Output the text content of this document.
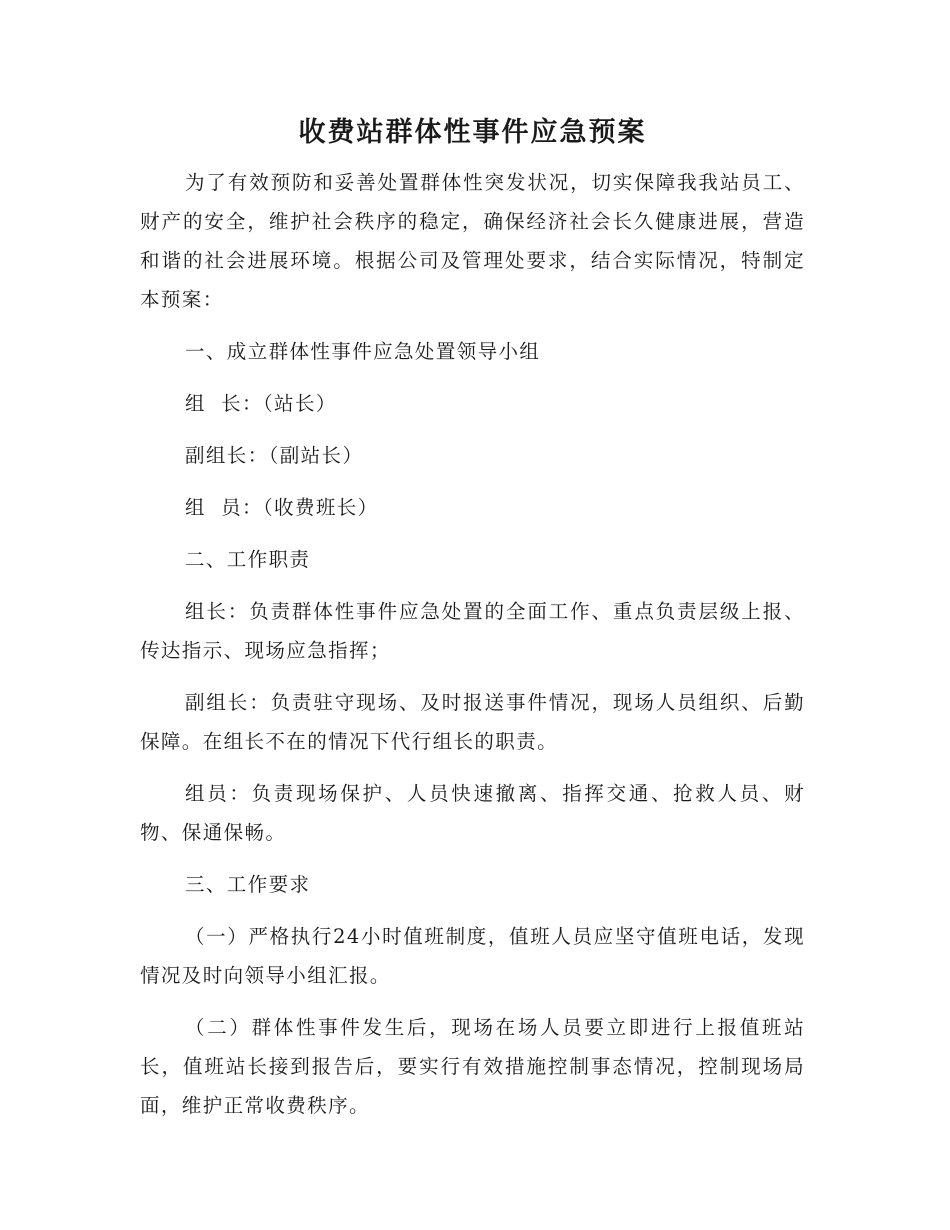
收费站群体性事件应急预案

为了有效预防和妥善处置群体性突发状况，切实保障我我站员工、财产的安全，维护社会秩序的稳定，确保经济社会长久健康进展，营造和谐的社会进展环境。根据公司及管理处要求，结合实际情况，特制定本预案：

一、成立群体性事件应急处置领导小组

组  长：（站长）

副组长：（副站长）

组  员：（收费班长）

二、工作职责

组长：负责群体性事件应急处置的全面工作、重点负责层级上报、传达指示、现场应急指挥；

副组长：负责驻守现场、及时报送事件情况，现场人员组织、后勤保障。在组长不在的情况下代行组长的职责。

组员：负责现场保护、人员快速撤离、指挥交通、抢救人员、财物、保通保畅。

三、工作要求

（一）严格执行24小时值班制度，值班人员应坚守值班电话，发现情况及时向领导小组汇报。

（二）群体性事件发生后，现场在场人员要立即进行上报值班站长，值班站长接到报告后，要实行有效措施控制事态情况，控制现场局面，维护正常收费秩序。
